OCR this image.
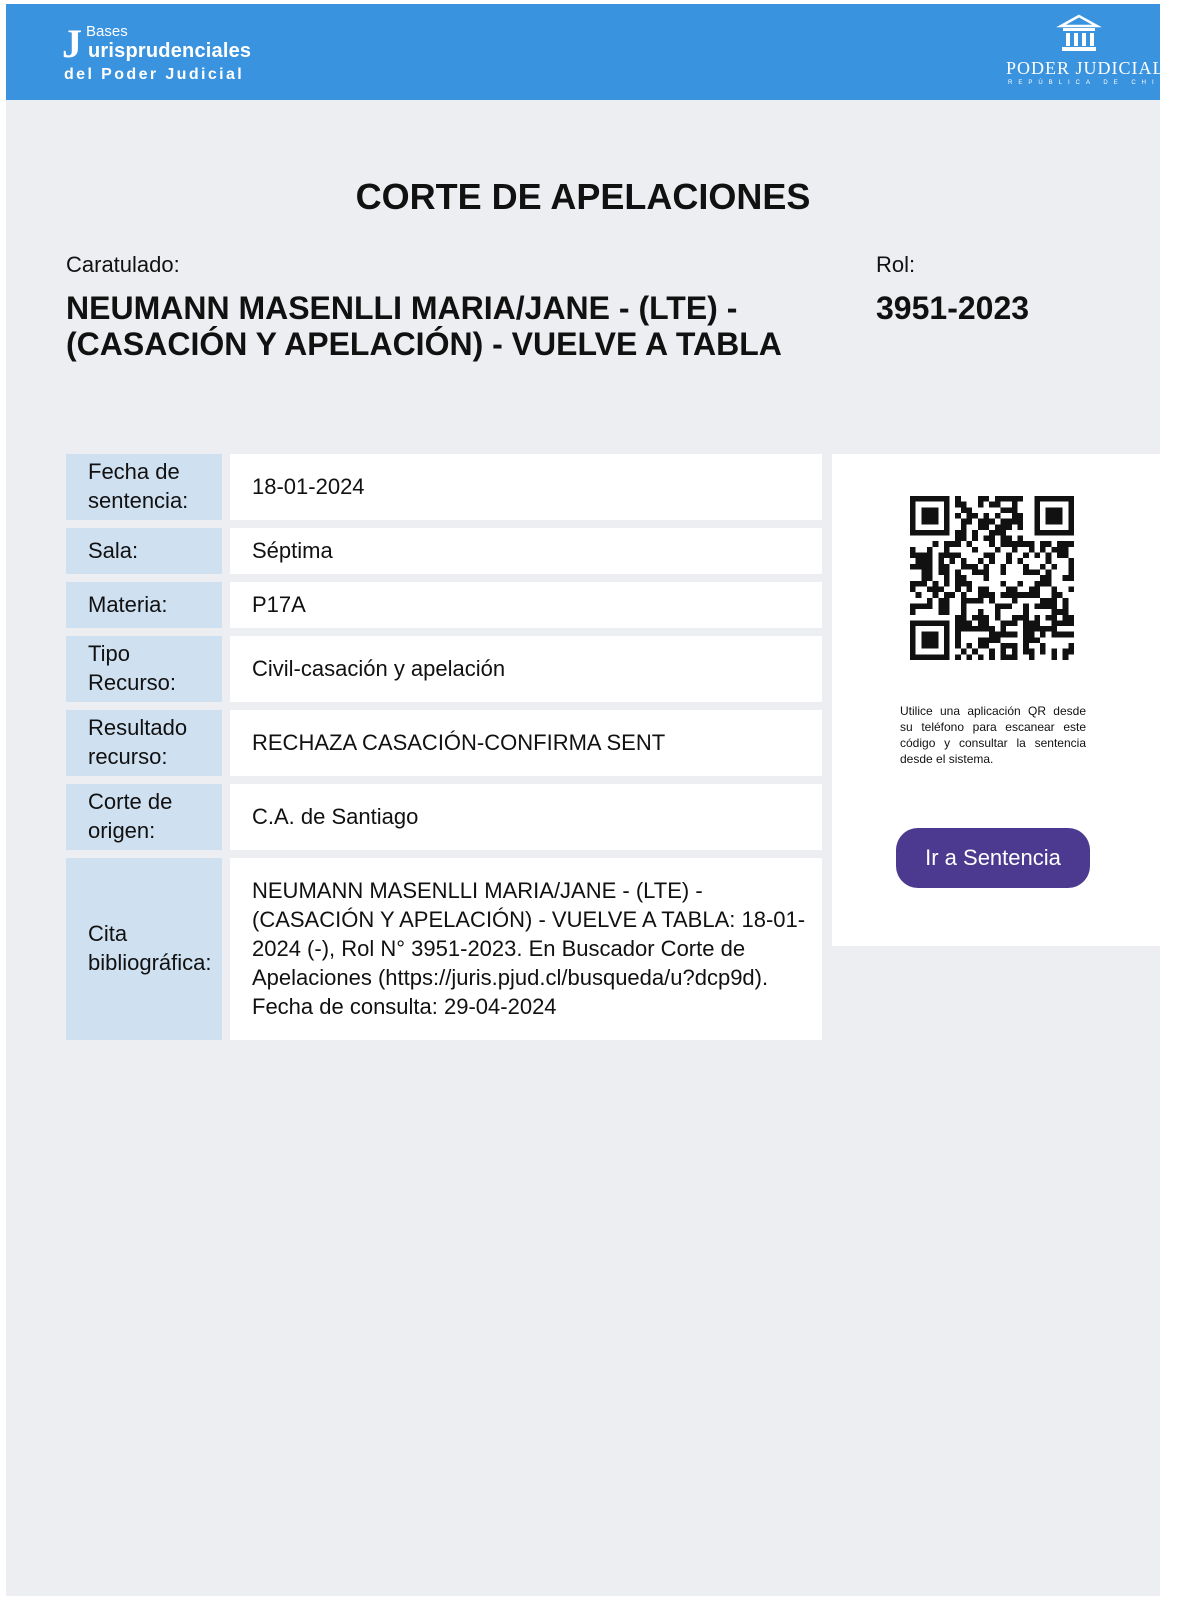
J Bases
urisprudenciales
del Poder Judicial	PODER JUDICIAL
REPÚBLICA DE CHILE
CORTE DE APELACIONES
Caratulado:	Rol:
NEUMANN MASENLLI MARIA/JANE - (LTE) - (CASACIÓN Y APELACIÓN) - VUELVE A TABLA
3951-2023
Fecha de sentencia:
18-01-2024
Sala:	Séptima
Materia:	P17A
Tipo Recurso:
Civil-casación y apelación
Resultado recurso:
RECHAZA CASACIÓN-CONFIRMA SENT
Corte de origen:
C.A. de Santiago
Cita bibliográfica:
NEUMANN MASENLLI MARIA/JANE - (LTE) - (CASACIÓN Y APELACIÓN) - VUELVE A TABLA: 18-01-2024 (-), Rol N° 3951-2023. En Buscador Corte de Apelaciones (https://juris.pjud.cl/busqueda/u?dcp9d). Fecha de consulta: 29-04-2024
Utilice una aplicación QR desde su teléfono para escanear este código y consultar la sentencia desde el sistema.
Ir a Sentencia
